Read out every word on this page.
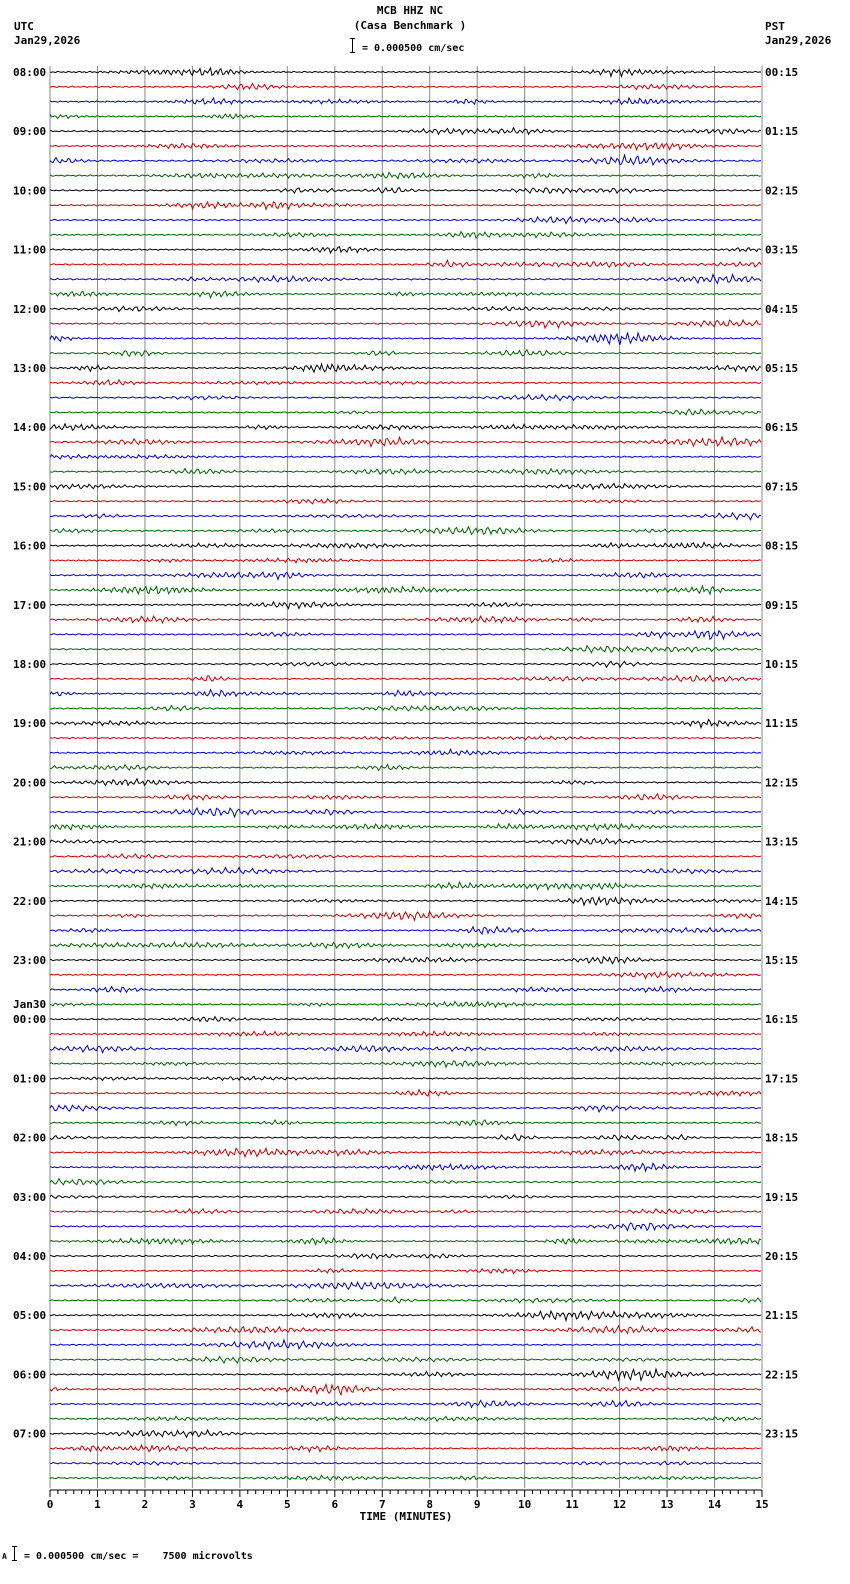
MCB HHZ NC
(Casa Benchmark )
UTC
Jan29,2026
PST
Jan29,2026
= 0.000500 cm/sec
08:00
09:00
10:00
11:00
12:00
13:00
14:00
15:00
16:00
17:00
18:00
19:00
20:00
21:00
22:00
23:00
00:00
01:00
02:00
03:00
04:00
05:00
06:00
07:00
00:15
01:15
02:15
03:15
04:15
05:15
06:15
07:15
08:15
09:15
10:15
11:15
12:15
13:15
14:15
15:15
16:15
17:15
18:15
19:15
20:15
21:15
22:15
23:15
Jan30
0	1	2	3	4	5	6	7	8	9	10	11	12	13	14	15
TIME (MINUTES)
A = 0.000500 cm/sec =    7500 microvolts
